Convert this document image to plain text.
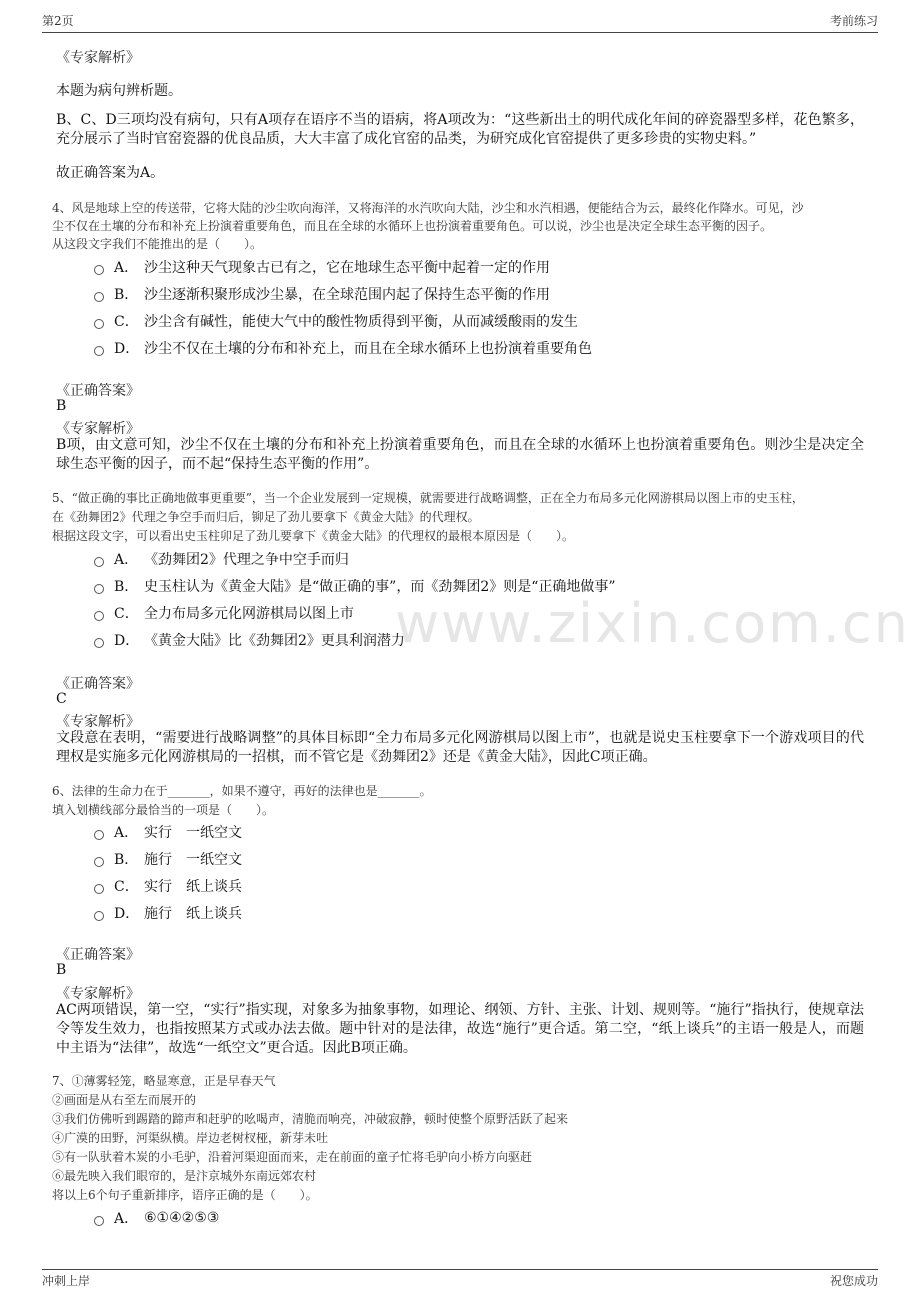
第2页	考前练习
www.zixin.com.cn
《专家解析》
本题为病句辨析题。
B、C、D三项均没有病句，只有A项存在语序不当的语病，将A项改为：“这些新出土的明代成化年间的碎瓷器型多样，花色繁多，充分展示了当时官窑瓷器的优良品质，大大丰富了成化官窑的品类，为研究成化官窑提供了更多珍贵的实物史料。”
故正确答案为A。
4、风是地球上空的传送带，它将大陆的沙尘吹向海洋，又将海洋的水汽吹向大陆，沙尘和水汽相遇，便能结合为云，最终化作降水。可见，沙
尘不仅在土壤的分布和补充上扮演着重要角色，而且在全球的水循环上也扮演着重要角色。可以说，沙尘也是决定全球生态平衡的因子。
从这段文字我们不能推出的是（　　）。
A． 沙尘这种天气现象古已有之，它在地球生态平衡中起着一定的作用
B． 沙尘逐渐积聚形成沙尘暴，在全球范围内起了保持生态平衡的作用
C． 沙尘含有碱性，能使大气中的酸性物质得到平衡，从而减缓酸雨的发生
D． 沙尘不仅在土壤的分布和补充上，而且在全球水循环上也扮演着重要角色
《正确答案》
B
《专家解析》
B项，由文意可知，沙尘不仅在土壤的分布和补充上扮演着重要角色，而且在全球的水循环上也扮演着重要角色。则沙尘是决定全球生态平衡的因子，而不起“保持生态平衡的作用”。
5、“做正确的事比正确地做事更重要”，当一个企业发展到一定规模，就需要进行战略调整，正在全力布局多元化网游棋局以图上市的史玉柱，
在《劲舞团2》代理之争空手而归后，铆足了劲儿要拿下《黄金大陆》的代理权。
根据这段文字，可以看出史玉柱卯足了劲儿要拿下《黄金大陆》的代理权的最根本原因是（　　）。
A． 《劲舞团2》代理之争中空手而归
B． 史玉柱认为《黄金大陆》是“做正确的事”，而《劲舞团2》则是“正确地做事”
C． 全力布局多元化网游棋局以图上市
D． 《黄金大陆》比《劲舞团2》更具利润潜力
《正确答案》
C
《专家解析》
文段意在表明，“需要进行战略调整”的具体目标即“全力布局多元化网游棋局以图上市”，也就是说史玉柱要拿下一个游戏项目的代理权是实施多元化网游棋局的一招棋，而不管它是《劲舞团2》还是《黄金大陆》，因此C项正确。
6、法律的生命力在于_______，如果不遵守，再好的法律也是_______。
填入划横线部分最恰当的一项是（　　）。
A． 实行　一纸空文
B． 施行　一纸空文
C． 实行　纸上谈兵
D． 施行　纸上谈兵
《正确答案》
B
《专家解析》
AC两项错误，第一空，“实行”指实现，对象多为抽象事物，如理论、纲领、方针、主张、计划、规则等。“施行”指执行，使规章法令等发生效力，也指按照某方式或办法去做。题中针对的是法律，故选“施行”更合适。第二空，“纸上谈兵”的主语一般是人，而题中主语为“法律”，故选“一纸空文”更合适。因此B项正确。
7、①薄雾轻笼，略显寒意，正是早春天气
②画面是从右至左而展开的
③我们仿佛听到踢踏的蹄声和赶驴的吆喝声，清脆而响亮，冲破寂静，顿时使整个原野活跃了起来
④广漠的田野，河渠纵横。岸边老树杈桠，新芽未吐
⑤有一队驮着木炭的小毛驴，沿着河渠迎面而来，走在前面的童子忙将毛驴向小桥方向驱赶
⑥最先映入我们眼帘的，是汴京城外东南远郊农村
将以上6个句子重新排序，语序正确的是（　　）。
A． ⑥①④②⑤③
冲刺上岸	祝您成功
